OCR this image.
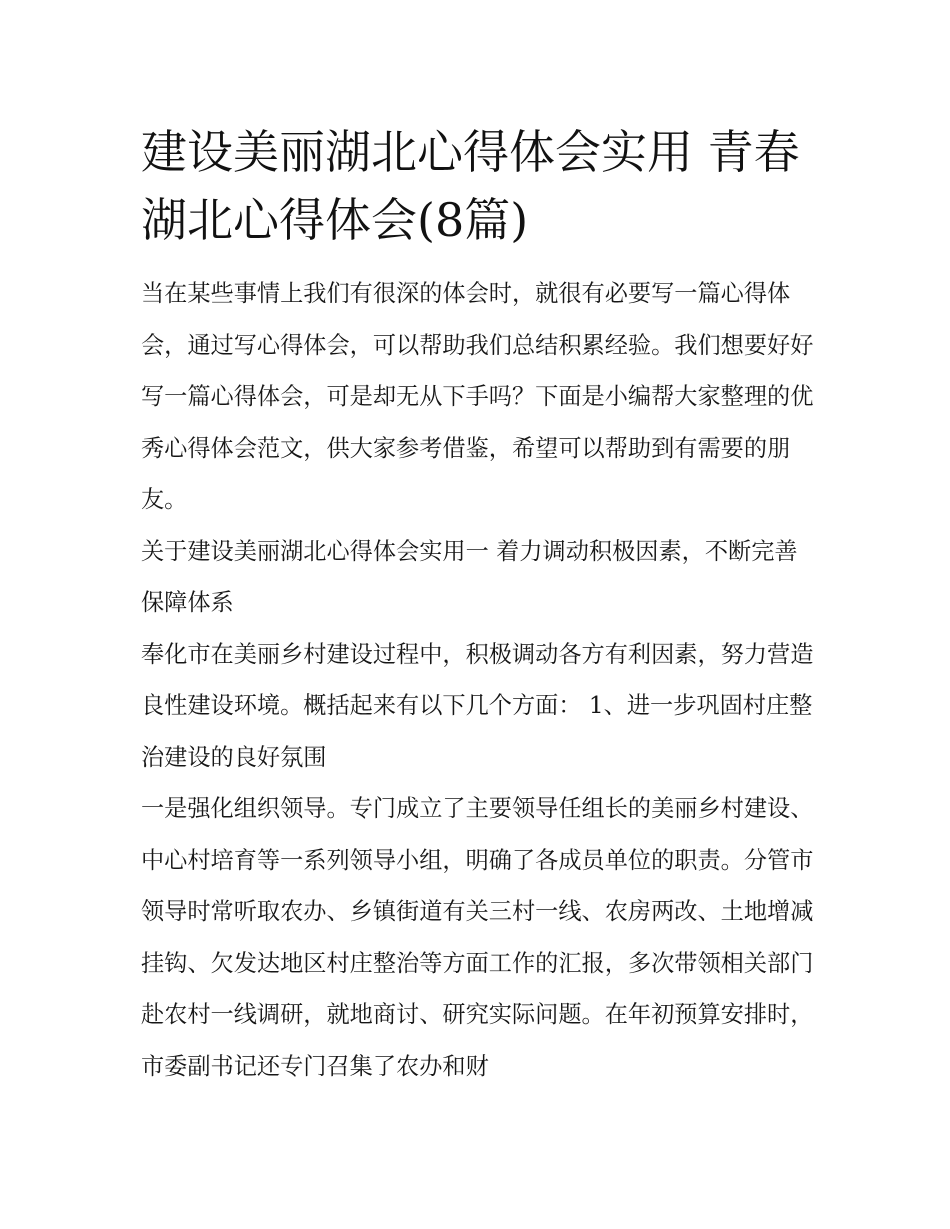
建设美丽湖北心得体会实用 青春湖北心得体会(8篇)

当在某些事情上我们有很深的体会时，就很有必要写一篇心得体会，通过写心得体会，可以帮助我们总结积累经验。我们想要好好写一篇心得体会，可是却无从下手吗？下面是小编帮大家整理的优秀心得体会范文，供大家参考借鉴，希望可以帮助到有需要的朋友。

关于建设美丽湖北心得体会实用一 着力调动积极因素，不断完善保障体系

奉化市在美丽乡村建设过程中，积极调动各方有利因素，努力营造良性建设环境。概括起来有以下几个方面： 1、进一步巩固村庄整治建设的良好氛围

一是强化组织领导。专门成立了主要领导任组长的美丽乡村建设、中心村培育等一系列领导小组，明确了各成员单位的职责。分管市领导时常听取农办、乡镇街道有关三村一线、农房两改、土地增减挂钩、欠发达地区村庄整治等方面工作的汇报，多次带领相关部门赴农村一线调研，就地商讨、研究实际问题。在年初预算安排时，市委副书记还专门召集了农办和财
